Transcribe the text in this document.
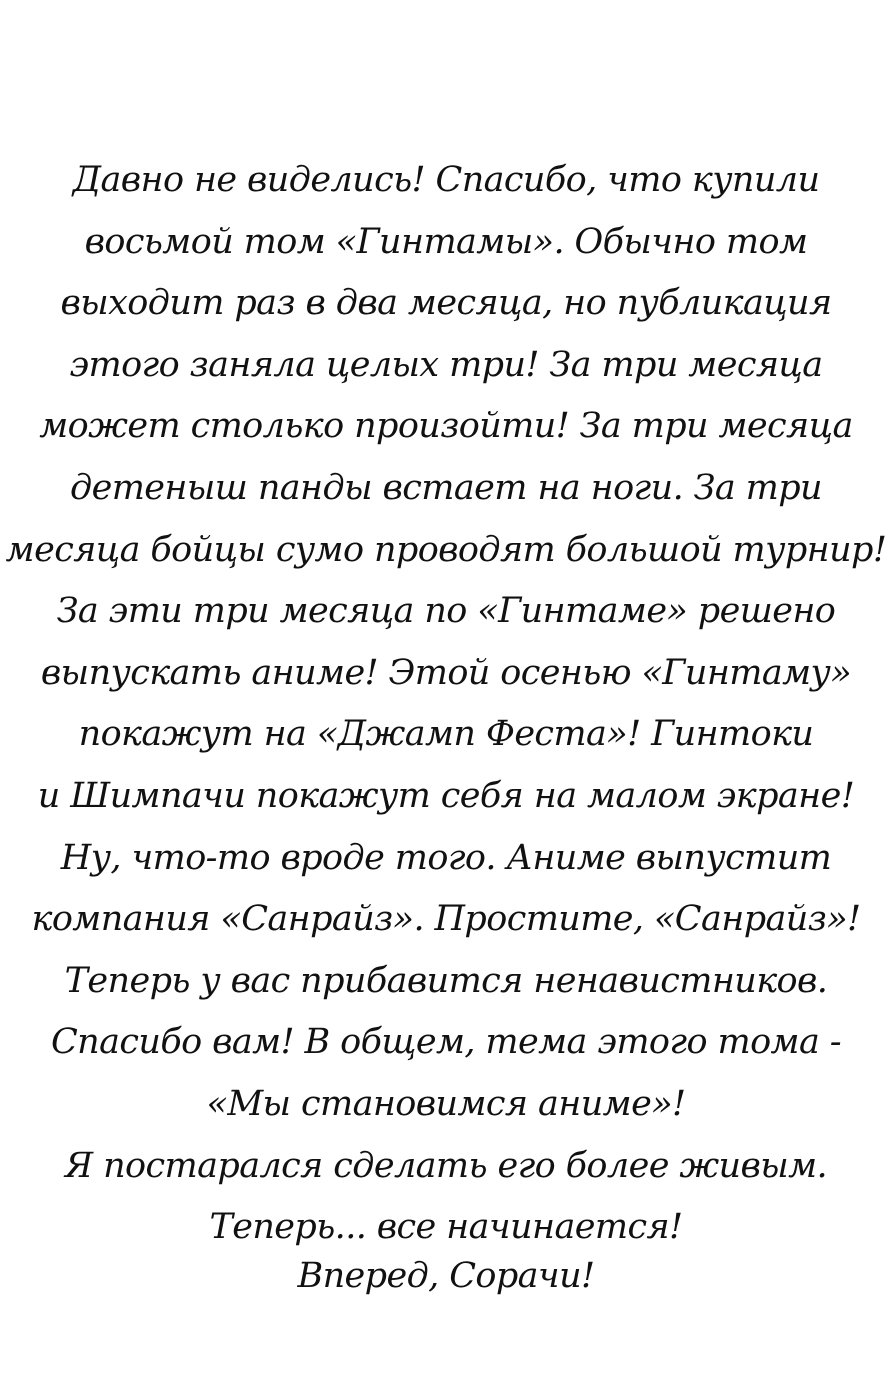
Давно не виделись! Спасибо, что купили
восьмой том «Гинтамы». Обычно том
выходит раз в два месяца, но публикация
этого заняла целых три! За три месяца
может столько произойти! За три месяца
детеныш панды встает на ноги. За три
месяца бойцы сумо проводят большой турнир!
За эти три месяца по «Гинтаме» решено
выпускать аниме! Этой осенью «Гинтаму»
покажут на «Джамп Феста»! Гинтоки
и Шимпачи покажут себя на малом экране!
Ну, что-то вроде того. Аниме выпустит
компания «Санрайз». Простите, «Санрайз»!
Теперь у вас прибавится ненавистников.
Спасибо вам! В общем, тема этого тома -
«Мы становимся аниме»!
Я постарался сделать его более живым.
Теперь... все начинается!
Вперед, Сорачи!
